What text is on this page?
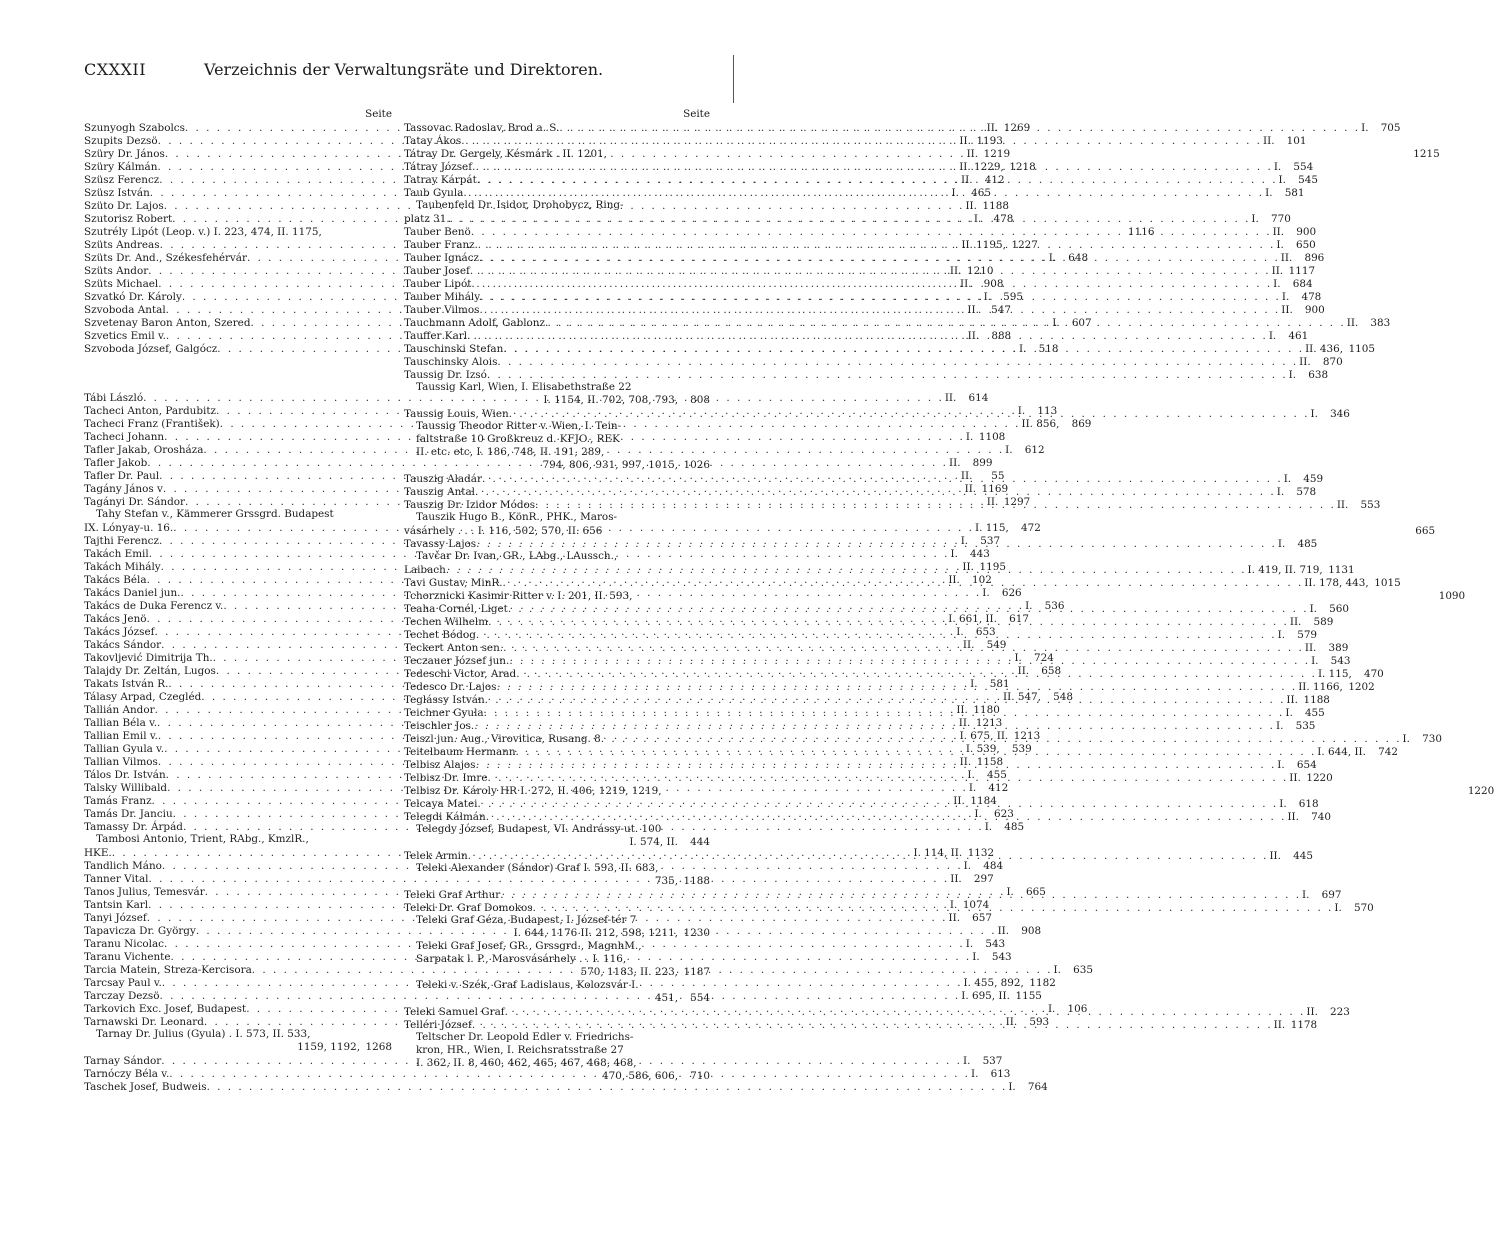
CXXXII	Verzeichnis der Verwaltungsräte und Direktoren.
Seite
Szunyogh Szabolcs . . .	II. 1269
Szupits Dezsö . . .	II. 1193
Szüry Dr. János . . .	II. 1219
Szüry Kálmán . . .	II. 1229, 1218
Szüsz Ferencz . . .	II.	412
Szüsz István . . .	I.	465
Szüto Dr. Lajos . . .	II. 1188
Szutorisz Robert . . .	I.	478
Szutrély Lipót (Leop. v.) I. 223, 474, II. 1175,	1116
Szüts Andreas . . .	II. 1195, 1227
Szüts Dr. And., Székesfehérvár . . .	I.	648
Szüts Andor . . .	II. 1210
Szüts Michael . . .	II.	908
Szvatkó Dr. Károly . . .	I.	595
Szvoboda Antal . . .	II.	547
Szvetenay Baron Anton, Szered . . .	I.	607
Szvetics Emil v. . . .	II.	888
Szvoboda József, Galgócz . . .	I.	518
Tábi László . . .	II.	614
Tacheci Anton, Pardubitz . . .	I.	113
Tacheci Franz (František) . . .	II. 856,	869
Tacheci Johann . . .	I. 1108
Tafler Jakab, Orosháza . . .	I.	612
Tafler Jakob . . .	II.	899
Tafler Dr. Paul . . .	II.	55
Tagány János v . . .	II. 1169
Tagányi Dr. Sándor . . .	II. 1297
Tahy Stefan v., Kämmerer Grssgrd. Budapest
IX. Lónyay-u. 16. . . .	I. 115,	472
Tajthi Ferencz . . .	I.	537
Takách Emil . . .	I.	443
Takách Mihály . . .	II. 1195
Takács Béla . . .	II.	102
Takács Daniel jun. . . .	I.	626
Takács de Duka Ferencz v. . . .	I.	536
Takács Jenö . . .	I. 661, II.	617
Takács József . . .	I.	653
Takács Sándor . . .	II.	549
Takovljević Dimitrija Th. . . .	I.	724
Talajdy Dr. Zeltán, Lugos . . .	II.	658
Takats István R. . . .	I.	581
Tálasy Arpad, Czegléd . . .	II. 547,	548
Tallián Andor . . .	II. 1180
Tallian Béla v. . . .	II. 1213
Tallian Emil v. . . .	I. 675, II. 1213
Tallian Gyula v. . . .	I. 539,	539
Tallian Vilmos . . .	II. 1158
Tálos Dr. István . . .	I.	455
Talsky Willibald . . .	I.	412
Tamás Franz . . .	II. 1184
Tamás Dr. Janciu . . .	I.	623
Tamassy Dr. Árpád . . .	I.	485
Tambosi Antonio, Trient, RAbg., KmzlR.,
HKE. . . .	I. 114, II. 1132
Tandlich Máno . . .	I.	484
Tanner Vital . . .	II.	297
Tanos Julius, Temesvár . . .	I.	665
Tantsin Karl . . .	I. 1074
Tanyi József . . .	II.	657
Tapavicza Dr. György . . .	II.	908
Taranu Nicolac . . .	I.	543
Taranu Vichente . . .	I.	543
Tarcia Matein, Streza-Kercisora . . .	I.	635
Tarcsay Paul v. . . .	I. 455, 892, 1182
Tarczay Dezsö . . .	I. 695, II. 1155
Tarkovich Exc. Josef, Budapest . . .	I.	106
Tarnawski Dr. Leonard . . .	II.	593
Tarnay Dr. Julius (Gyula) . I. 573, II. 533,
1159, 1192, 1268
Tarnay Sándor . . .	I.	537
Tarnóczy Béla v. . . .	I.	613
Taschek Josef, Budweis . . .	I.	764
Seite
Tassovac Radoslav, Brod a. S. . . .	I.	705
Tatay Ákos . . .	II.	101
Tátray Dr. Gergely, Késmárk . II. 1201,	1215
Tátray József . . .	I.	554
Tatray Kárpát . . .	I.	545
Taub Gyula . . .	I.	581
Taubenfeld Dr. Isidor, Drohobycz, Ring-
platz 31. . . .	I.	770
Tauber Benö . . .	II.	900
Tauber Franz . . .	I.	650
Tauber Ignácz . . .	II.	896
Tauber Josef . . .	II. 1117
Tauber Lipót . . .	I.	684
Tauber Mihály . . .	I.	478
Tauber Vilmos . . .	II.	900
Tauchmann Adolf, Gablonz . . .	II.	383
Tauffer Karl . . .	I.	461
Tauschinski Stefan . . .	II. 436, 1105
Tauschinsky Alois . . .	II.	870
Taussig Dr. Izsó . . .	I.	638
Taussig Karl, Wien, I. Elisabethstraße 22
I. 1154, II. 702, 708, 793,	808
Taussig Louis, Wien . . .	I.	346
Taussig Theodor Ritter v. Wien, I. Tein-
faltstraße 10 Großkreuz d. KFJO., REK
II. etc. etc, I. 186, 748, II. 191, 289,
794, 806, 931, 997, 1015, 1026
Tauszig Aladár . . .	I.	459
Tauszig Antal . . .	I.	578
Tauszig Dr. Izidor Módos . . .	II.	553
Tauszik Hugo B., KönR., PHK., Maros-
vásárhely . . . I. 116, 502, 570, II. 656	665
Tavassy Lajos . . .	I.	485
Tavčar Dr. Ivan, GR., LAbg., LAussch.,
Laibach . . .	I. 419, II. 719, 1131
Tavi Gustav, MinR. . . .	II. 178, 443, 1015
Tchorznicki Kasimir Ritter v. I. 201, II. 593,	1090
Teaha Cornél, Liget . . .	I.	560
Techen Wilhelm . . .	II.	589
Techet Bódog . . .	I.	579
Teckert Anton sen. . . .	II.	389
Teczauer József jun. . . .	I.	543
Tedeschi Victor, Arad . . .	I. 115,	470
Tedesco Dr. Lajos . . .	II. 1166, 1202
Teglássy István . . .	II. 1188
Teichner Gyula . . .	I.	455
Teischler Jos. . . .	I.	535
Teiszl jun. Aug., Virovitica, Rusang. 8 . . .	I.	730
Teitelbaum Hermann . . .	I. 644, II.	742
Telbisz Alajos . . .	I.	654
Telbisz Dr. Imre . . .	II. 1220
Telbisz Dr. Károly HR I. 272, II. 406, 1219, 1219,	1220
Telcaya Matei . . .	I.	618
Telegdi Kálmán . . .	II.	740
Telegdy József, Budapest, VI. Andrássy-ut. 100
I. 574, II.	444
Telek Armin . . .	II.	445
Teleki Alexander (Sándor) Graf I. 593, II. 683,
735, 1188
Teleki Graf Arthur . . .	I.	697
Teleki Dr. Graf Domokos . . .	I.	570
Teleki Graf Géza, Budapest, I. József-tér 7
I. 644, 1176 II. 212, 598, 1211, 1230
Teleki Graf Josef, GR., Grssgrd., MagnhM.,
Sarpatak l. P., Marosvásárhely . . I. 116,
570, 1183, II. 223, 1187
Teleki v. Szék, Graf Ladislaus, Kolozsvár I.
451,	554
Teleki Samuel Graf . . .	II.	223
Telléri József . . .	II. 1178
Teltscher Dr. Leopold Edler v. Friedrichs-
kron, HR., Wien, I. Reichsratsstraße 27
I. 362, II. 8, 460, 462, 465, 467, 468, 468,
470, 586, 606,	710
